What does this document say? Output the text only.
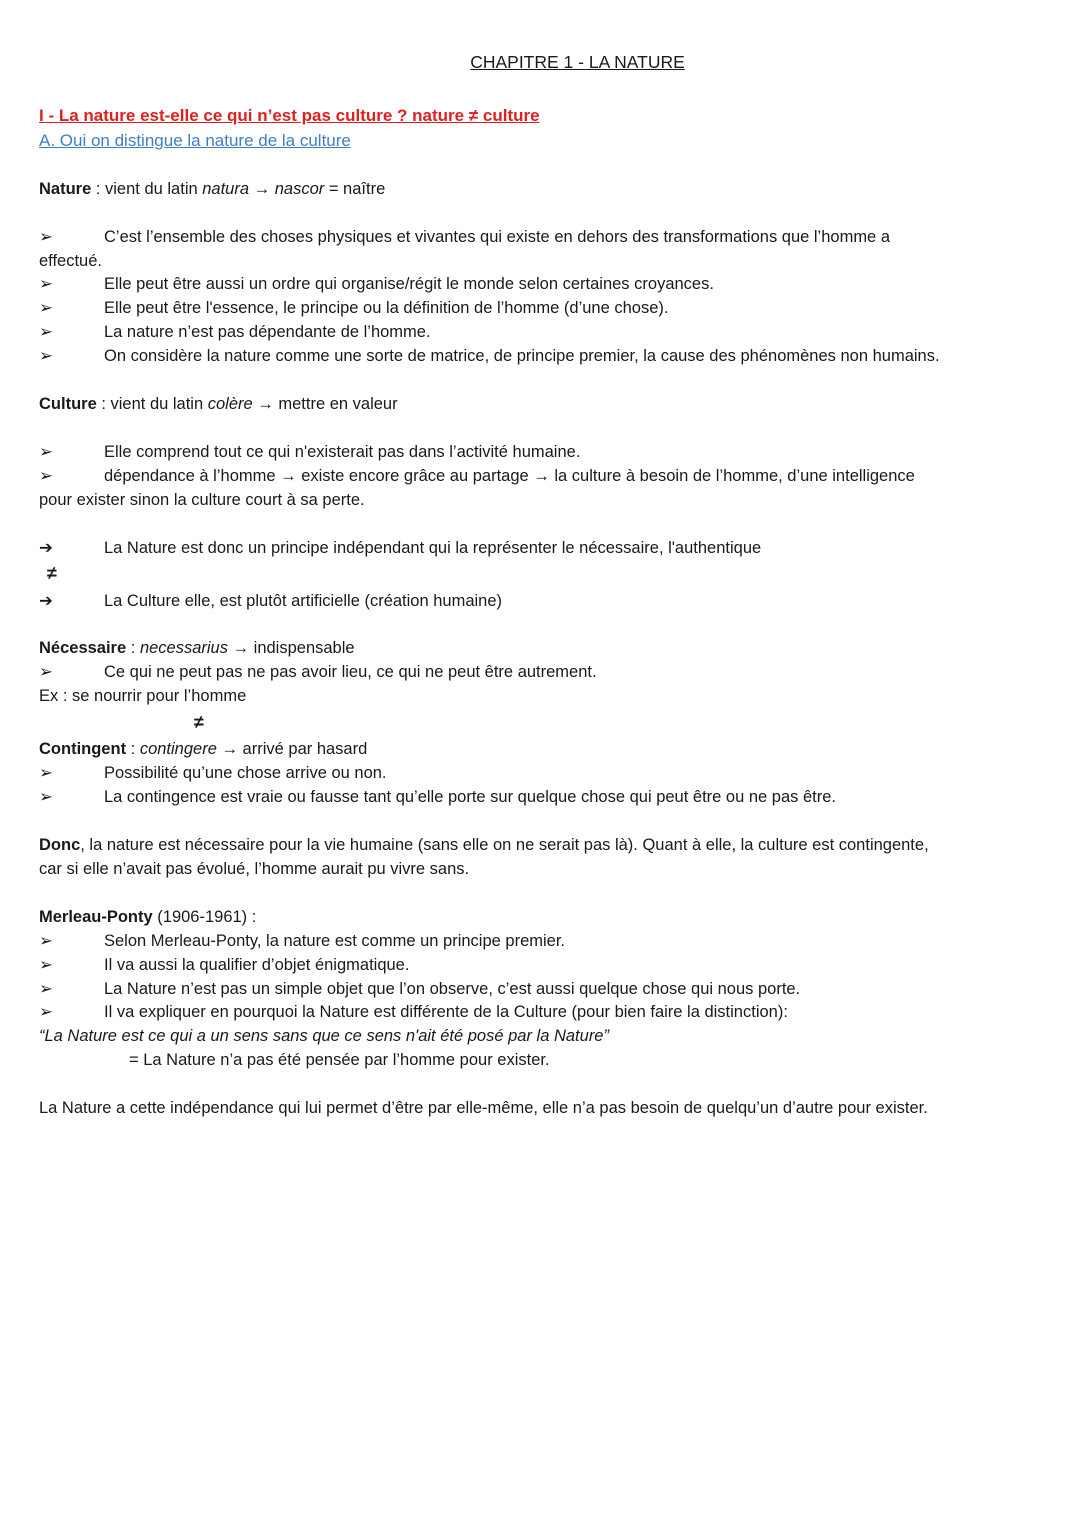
CHAPITRE 1 - LA NATURE
I - La nature est-elle ce qui n’est pas culture ? nature ≠ culture
A. Oui on distingue la nature de la culture
Nature : vient du latin natura → nascor = naître
➢	C’est l’ensemble des choses physiques et vivantes qui existe en dehors des transformations que l’homme a
effectué.
➢	Elle peut être aussi un ordre qui organise/régit le monde selon certaines croyances.
➢	Elle peut être l'essence, le principe ou la définition de l’homme (d’une chose).
➢	La nature n’est pas dépendante de l’homme.
➢	On considère la nature comme une sorte de matrice, de principe premier, la cause des phénomènes non humains.
Culture : vient du latin colère → mettre en valeur
➢	Elle comprend tout ce qui n'existerait pas dans l’activité humaine.
➢	dépendance à l’homme → existe encore grâce au partage → la culture à besoin de l’homme, d’une intelligence
pour exister sinon la culture court à sa perte.
➔	La Nature est donc un principe indépendant qui la représenter le nécessaire, l'authentique
≠
➔	La Culture elle, est plutôt artificielle (création humaine)
Nécessaire : necessarius → indispensable
➢	Ce qui ne peut pas ne pas avoir lieu, ce qui ne peut être autrement.
Ex : se nourrir pour l’homme
≠
Contingent : contingere → arrivé par hasard
➢	Possibilité qu’une chose arrive ou non.
➢	La contingence est vraie ou fausse tant qu’elle porte sur quelque chose qui peut être ou ne pas être.
Donc, la nature est nécessaire pour la vie humaine (sans elle on ne serait pas là). Quant à elle, la culture est contingente,
car si elle n’avait pas évolué, l’homme aurait pu vivre sans.
Merleau-Ponty (1906-1961) :
➢	Selon Merleau-Ponty, la nature est comme un principe premier.
➢	Il va aussi la qualifier d’objet énigmatique.
➢	La Nature n’est pas un simple objet que l’on observe, c’est aussi quelque chose qui nous porte.
➢	Il va expliquer en pourquoi la Nature est différente de la Culture (pour bien faire la distinction):
“La Nature est ce qui a un sens sans que ce sens n'ait été posé par la Nature”
= La Nature n’a pas été pensée par l’homme pour exister.
La Nature a cette indépendance qui lui permet d’être par elle-même, elle n’a pas besoin de quelqu’un d’autre pour exister.
